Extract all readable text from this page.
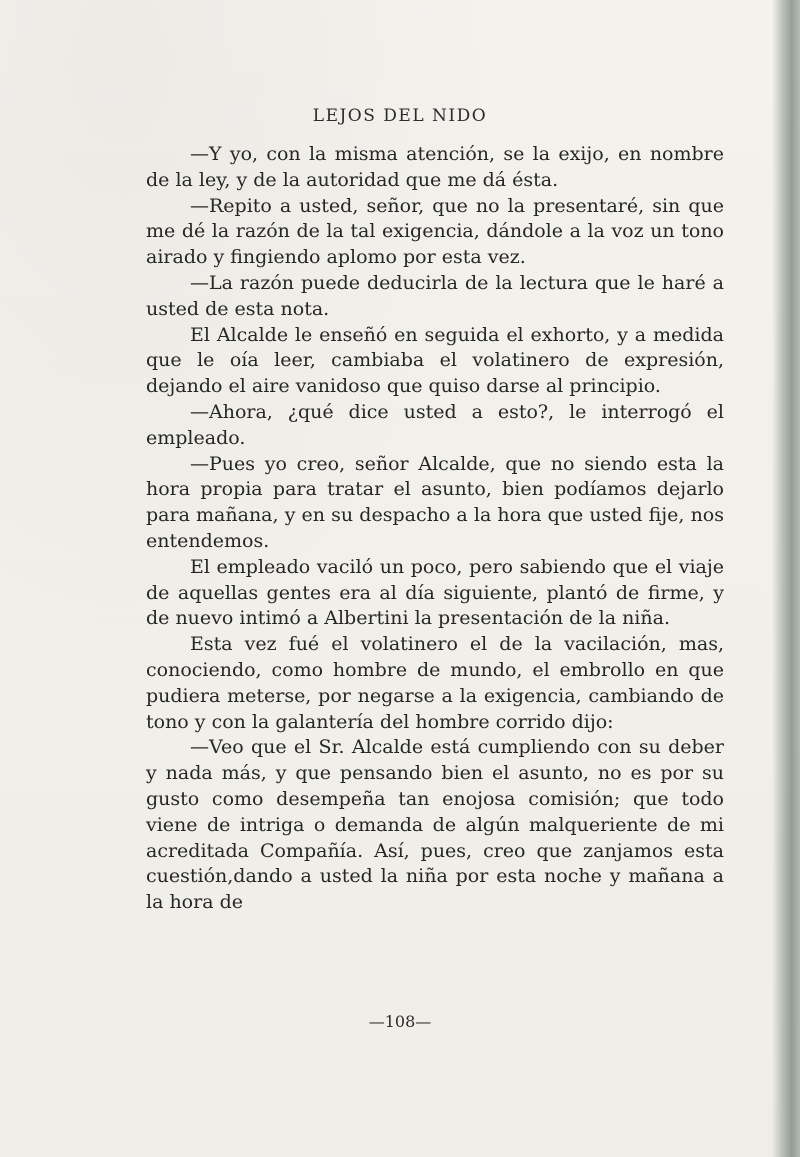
LEJOS DEL NIDO

—Y yo, con la misma atención, se la exijo, en nombre de la ley, y de la autoridad que me dá ésta.

—Repito a usted, señor, que no la presentaré, sin que me dé la razón de la tal exigencia, dándole a la voz un tono airado y fingiendo aplomo por esta vez.

—La razón puede deducirla de la lectura que le haré a usted de esta nota.

El Alcalde le enseñó en seguida el exhorto, y a medida que le oía leer, cambiaba el volatinero de expresión, dejando el aire vanidoso que quiso darse al principio.

—Ahora, ¿qué dice usted a esto?, le interrogó el empleado.

—Pues yo creo, señor Alcalde, que no siendo esta la hora propia para tratar el asunto, bien podíamos dejarlo para mañana, y en su despacho a la hora que usted fije, nos entendemos.

El empleado vaciló un poco, pero sabiendo que el viaje de aquellas gentes era al día siguiente, plantó de firme, y de nuevo intimó a Albertini la presentación de la niña.

Esta vez fué el volatinero el de la vacilación, mas, conociendo, como hombre de mundo, el embrollo en que pudiera meterse, por negarse a la exigencia, cambiando de tono y con la galantería del hombre corrido dijo:

—Veo que el Sr. Alcalde está cumpliendo con su deber y nada más, y que pensando bien el asunto, no es por su gusto como desempeña tan enojosa comisión; que todo viene de intriga o demanda de algún malqueriente de mi acreditada Compañía. Así, pues, creo que zanjamos esta cuestión,dando a usted la niña por esta noche y mañana a la hora de

—108—
